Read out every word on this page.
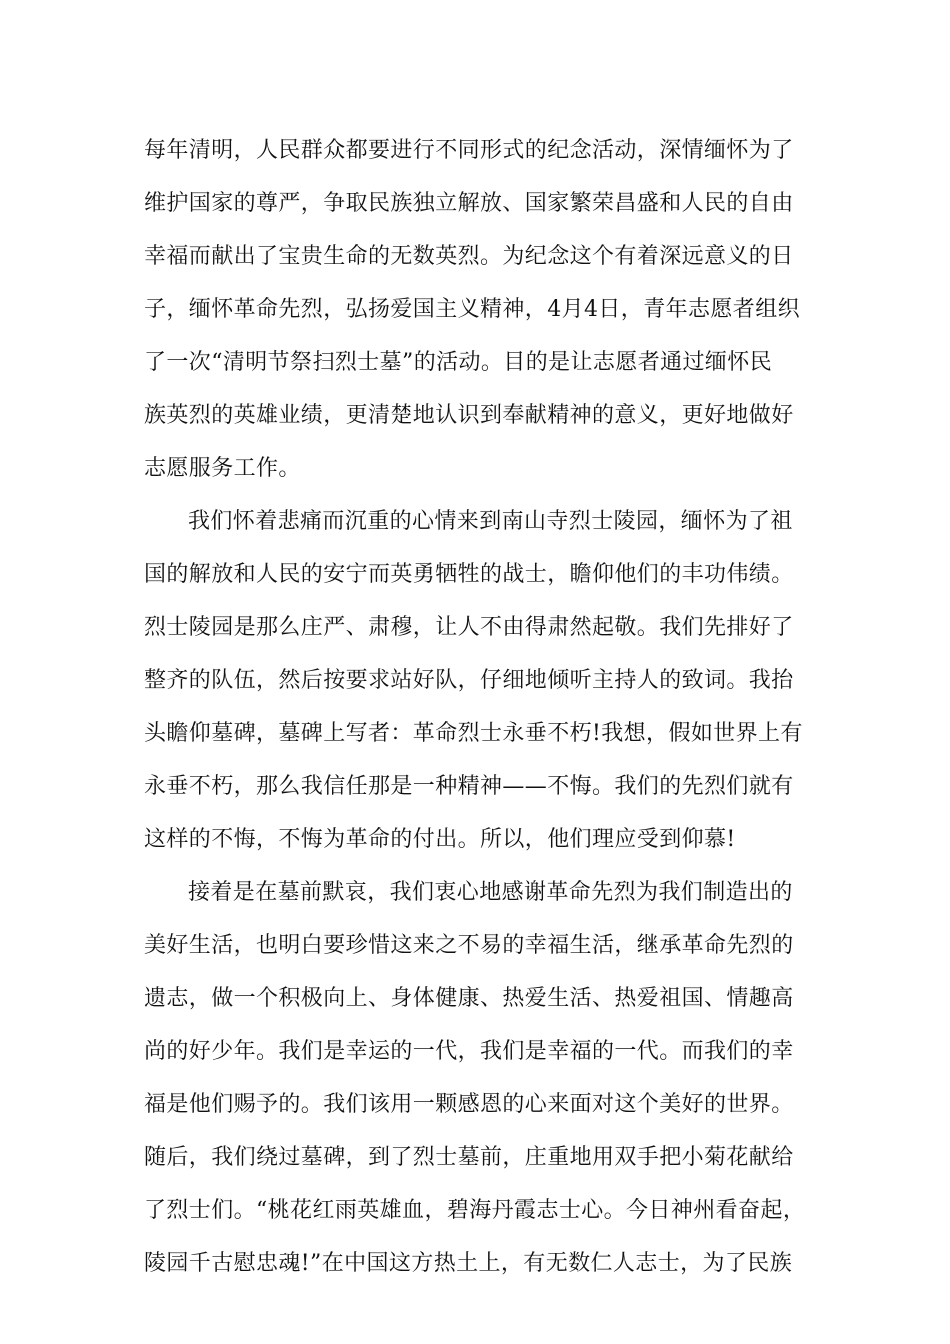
每年清明，人民群众都要进行不同形式的纪念活动，深情缅怀为了
维护国家的尊严，争取民族独立解放、国家繁荣昌盛和人民的自由
幸福而献出了宝贵生命的无数英烈。为纪念这个有着深远意义的日
子，缅怀革命先烈，弘扬爱国主义精神，4月4日，青年志愿者组织
了一次“清明节祭扫烈士墓”的活动。目的是让志愿者通过缅怀民
族英烈的英雄业绩，更清楚地认识到奉献精神的意义，更好地做好
志愿服务工作。
我们怀着悲痛而沉重的心情来到南山寺烈士陵园，缅怀为了祖
国的解放和人民的安宁而英勇牺牲的战士，瞻仰他们的丰功伟绩。
烈士陵园是那么庄严、肃穆，让人不由得肃然起敬。我们先排好了
整齐的队伍，然后按要求站好队，仔细地倾听主持人的致词。我抬
头瞻仰墓碑，墓碑上写者：革命烈士永垂不朽!我想，假如世界上有
永垂不朽，那么我信任那是一种精神——不悔。我们的先烈们就有
这样的不悔，不悔为革命的付出。所以，他们理应受到仰慕!
接着是在墓前默哀，我们衷心地感谢革命先烈为我们制造出的
美好生活，也明白要珍惜这来之不易的幸福生活，继承革命先烈的
遗志，做一个积极向上、身体健康、热爱生活、热爱祖国、情趣高
尚的好少年。我们是幸运的一代，我们是幸福的一代。而我们的幸
福是他们赐予的。我们该用一颗感恩的心来面对这个美好的世界。
随后，我们绕过墓碑，到了烈士墓前，庄重地用双手把小菊花献给
了烈士们。“桃花红雨英雄血，碧海丹霞志士心。今日神州看奋起，
陵园千古慰忠魂!”在中国这方热土上，有无数仁人志士，为了民族
